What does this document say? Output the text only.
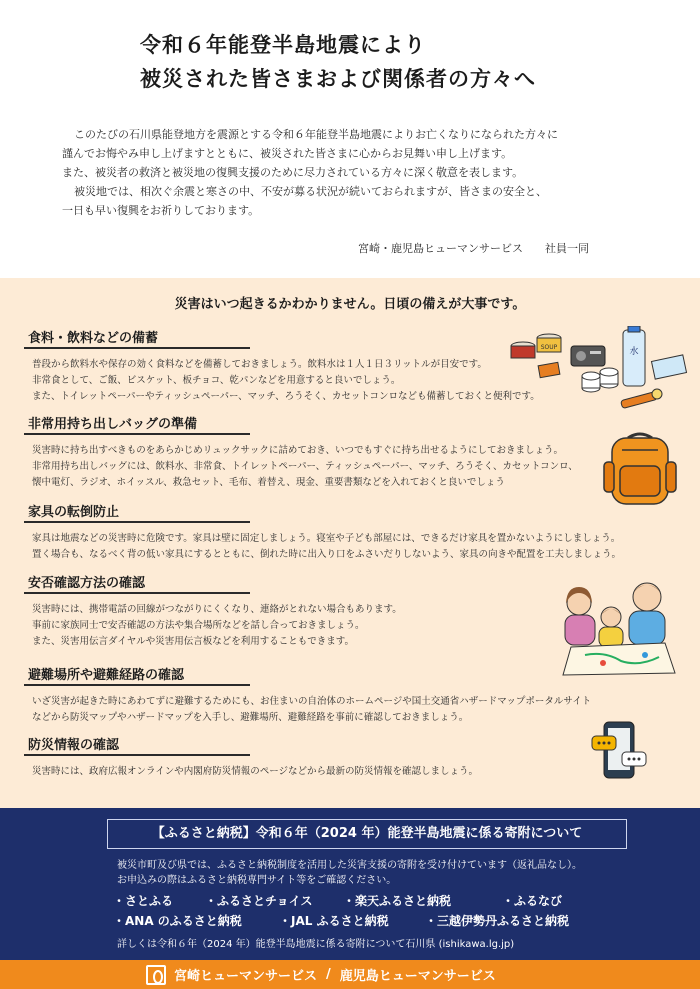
令和６年能登半島地震により
被災された皆さまおよび関係者の方々へ

このたびの石川県能登地方を震源とする令和６年能登半島地震によりお亡くなりになられた方々に

謹んでお悔やみ申し上げますとともに、被災された皆さまに心からお見舞い申し上げます。

また、被災者の救済と被災地の復興支援のために尽力されている方々に深く敬意を表します。

被災地では、相次ぐ余震と寒さの中、不安が募る状況が続いておられますが、皆さまの安全と、

一日も早い復興をお祈りしております。

宮崎・鹿児島ヒューマンサービス 社員一同
災害はいつ起きるかわかりません。日頃の備えが大事です。
食料・飲料などの備蓄

普段から飲料水や保存の効く食料などを備蓄しておきましょう。飲料水は１人１日３リットルが目安です。

非常食として、ご飯、ビスケット、板チョコ、乾パンなどを用意すると良いでしょう。

また、トイレットペーパーやティッシュペーパー、マッチ、ろうそく、カセットコンロなども備蓄しておくと便利です。

非常用持ち出しバッグの準備

災害時に持ち出すべきものをあらかじめリュックサックに詰めておき、いつでもすぐに持ち出せるようにしておきましょう。

非常用持ち出しバッグには、飲料水、非常食、トイレットペーパー、ティッシュペーパー、マッチ、ろうそく、カセットコンロ、

懐中電灯、ラジオ、ホイッスル、救急セット、毛布、着替え、現金、重要書類などを入れておくと良いでしょう

家具の転倒防止

家具は地震などの災害時に危険です。家具は壁に固定しましょう。寝室や子ども部屋には、できるだけ家具を置かないようにしましょう。

置く場合も、なるべく背の低い家具にするとともに、倒れた時に出入り口をふさいだりしないよう、家具の向きや配置を工夫しましょう。

安否確認方法の確認

災害時には、携帯電話の回線がつながりにくくなり、連絡がとれない場合もあります。

事前に家族同士で安否確認の方法や集合場所などを話し合っておきましょう。

また、災害用伝言ダイヤルや災害用伝言板などを利用することもできます。

避難場所や避難経路の確認

いざ災害が起きた時にあわてずに避難するためにも、お住まいの自治体のホームページや国土交通省ハザードマップポータルサイト

などから防災マップやハザードマップを入手し、避難場所、避難経路を事前に確認しておきましょう。

防災情報の確認

災害時には、政府広報オンラインや内閣府防災情報のページなどから最新の防災情報を確認しましょう。

SOUP	水
【ふるさと納税】令和６年（2024 年）能登半島地震に係る寄附について
被災市町及び県では、ふるさと納税制度を活用した災害支援の寄附を受け付けています（返礼品なし）。
お申込みの際はふるさと納税専門サイト等をご確認ください。
・さとふる	・ふるさとチョイス	・楽天ふるさと納税	・ふるなび
・ANA のふるさと納税	・JAL ふるさと納税	・三越伊勢丹ふるさと納税
詳しくは令和６年（2024 年）能登半島地震に係る寄附について石川県 (ishikawa.lg.jp)
宮崎ヒューマンサービス / 鹿児島ヒューマンサービス
